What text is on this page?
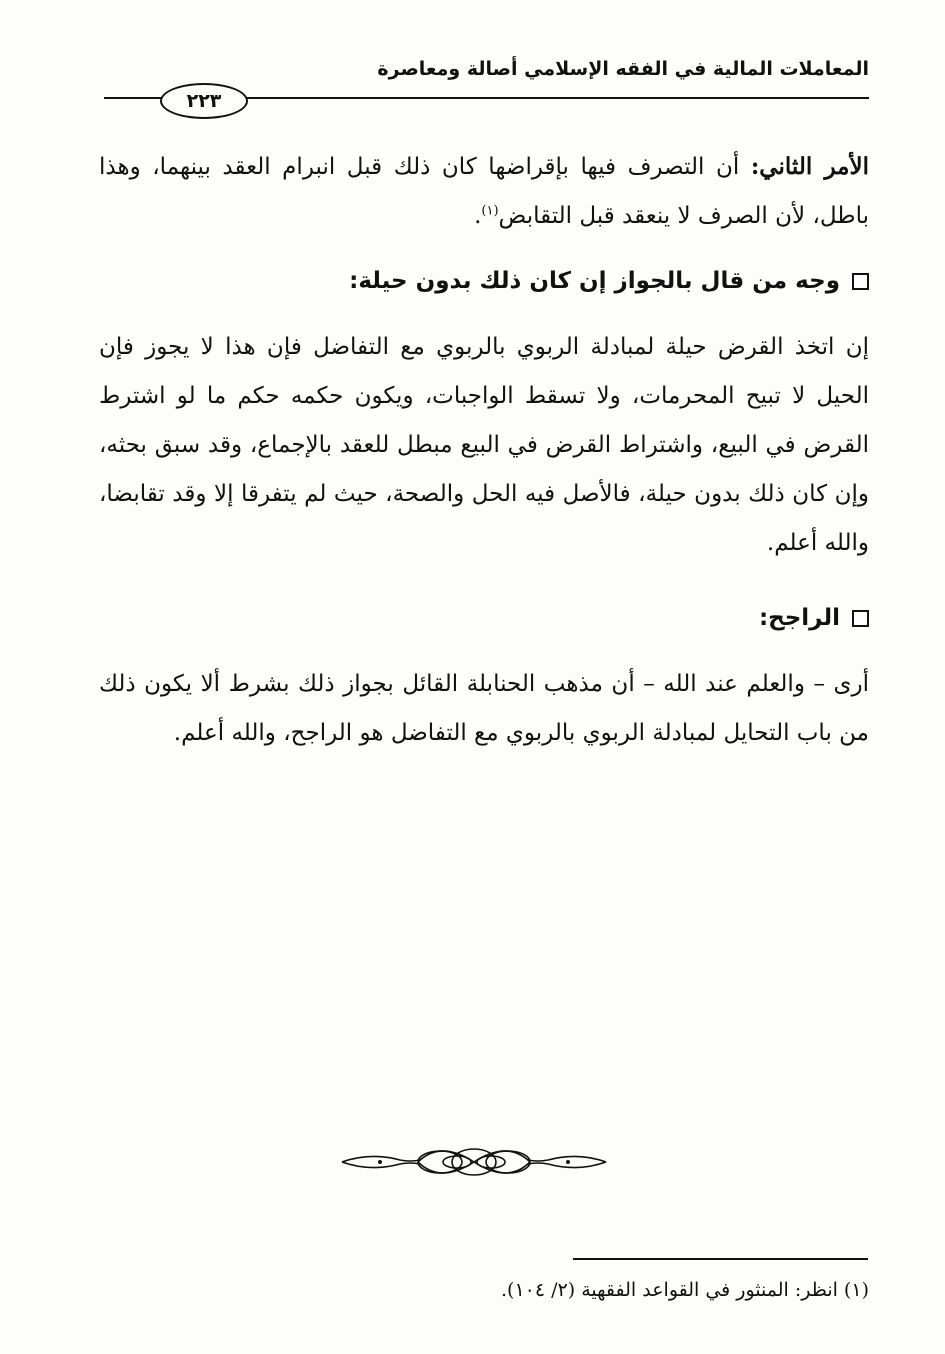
المعاملات المالية في الفقه الإسلامي أصالة ومعاصرة
٢٢٣
الأمر الثاني: أن التصرف فيها بإقراضها كان ذلك قبل انبرام العقد بينهما، وهذا باطل، لأن الصرف لا ينعقد قبل التقابض$^{(١)}$.
وجه من قال بالجواز إن كان ذلك بدون حيلة:
إن اتخذ القرض حيلة لمبادلة الربوي بالربوي مع التفاضل فإن هذا لا يجوز فإن الحيل لا تبيح المحرمات، ولا تسقط الواجبات، ويكون حكمه حكم ما لو اشترط القرض في البيع، واشتراط القرض في البيع مبطل للعقد بالإجماع، وقد سبق بحثه، وإن كان ذلك بدون حيلة، فالأصل فيه الحل والصحة، حيث لم يتفرقا إلا وقد تقابضا، والله أعلم.
الراجح:
أرى – والعلم عند الله – أن مذهب الحنابلة القائل بجواز ذلك بشرط ألا يكون ذلك من باب التحايل لمبادلة الربوي بالربوي مع التفاضل هو الراجح، والله أعلم.
(١) انظر: المنثور في القواعد الفقهية (٢/ ١٠٤).
